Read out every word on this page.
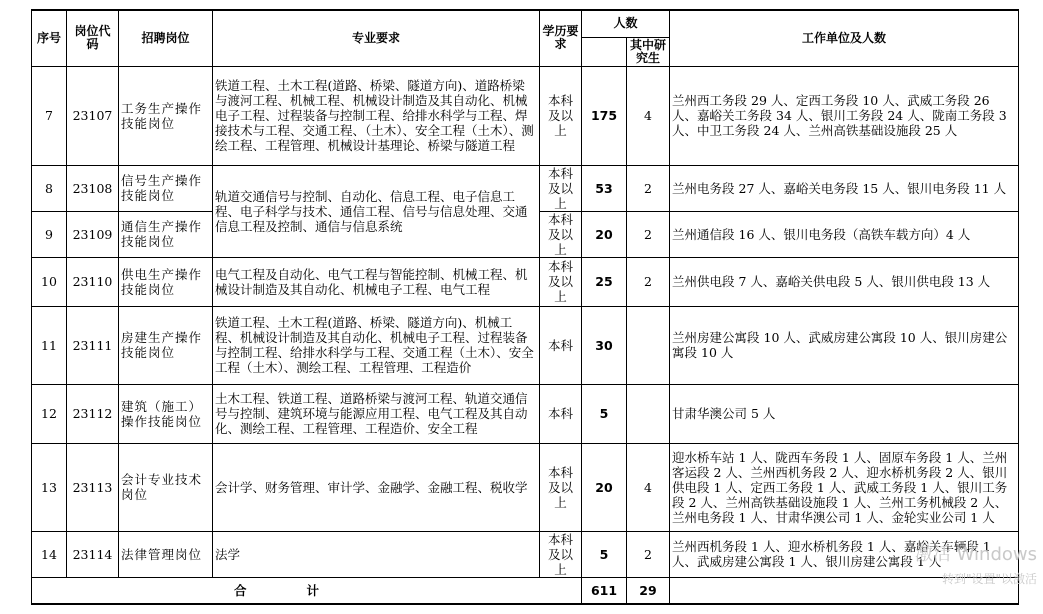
序号	岗位代码	招聘岗位	专业要求	学历要求	人数		工作单位及人数
						其中研究生	
7	23107	工务生产操作技能岗位	铁道工程、土木工程(道路、桥梁、隧道方向)、道路桥梁与渡河工程、机械工程、机械设计制造及其自动化、机械电子工程、过程装备与控制工程、给排水科学与工程、焊接技术与工程、交通工程、（土木）、安全工程（土木）、测绘工程、工程管理、机械设计基理论、桥梁与隧道工程	本科及以上	175	4	兰州西工务段 29 人、定西工务段 10 人、武威工务段 26 人、嘉峪关工务段 34 人、银川工务段 24 人、陇南工务段 3 人、中卫工务段 24 人、兰州高铁基础设施段 25 人
8	23108	信号生产操作技能岗位	轨道交通信号与控制、自动化、信息工程、电子信息工程、电子科学与技术、通信工程、信号与信息处理、交通信息工程及控制、通信与信息系统	本科及以上	53	2	兰州电务段 27 人、嘉峪关电务段 15 人、银川电务段 11 人
9	23109	通信生产操作技能岗位		本科及以上	20	2	兰州通信段 16 人、银川电务段（高铁车载方向）4 人
10	23110	供电生产操作技能岗位	电气工程及自动化、电气工程与智能控制、机械工程、机械设计制造及其自动化、机械电子工程、电气工程	本科及以上	25	2	兰州供电段 7 人、嘉峪关供电段 5 人、银川供电段 13 人
11	23111	房建生产操作技能岗位	铁道工程、土木工程(道路、桥梁、隧道方向)、机械工程、机械设计制造及其自动化、机械电子工程、过程装备与控制工程、给排水科学与工程、交通工程（土木）、安全工程（土木）、测绘工程、工程管理、工程造价	本科	30		兰州房建公寓段 10 人、武威房建公寓段 10 人、银川房建公寓段 10 人
12	23112	建筑（施工）操作技能岗位	土木工程、铁道工程、道路桥梁与渡河工程、轨道交通信号与控制、建筑环境与能源应用工程、电气工程及其自动化、测绘工程、工程管理、工程造价、安全工程	本科	5		甘肃华澳公司 5 人
13	23113	会计专业技术岗位	会计学、财务管理、审计学、金融学、金融工程、税收学	本科及以上	20	4	迎水桥车站 1 人、陇西车务段 1 人、固原车务段 1 人、兰州客运段 2 人、兰州西机务段 2 人、迎水桥机务段 2 人、银川供电段 1 人、定西工务段 1 人、武威工务段 1 人、银川工务段 2 人、兰州高铁基础设施段 1 人、兰州工务机械段 2 人、兰州电务段 1 人、甘肃华澳公司 1 人、金轮实业公司 1 人
14	23114	法律管理岗位	法学	本科及以上	5	2	兰州西机务段 1 人、迎水桥机务段 1 人、嘉峪关车辆段 1 人、武威房建公寓段 1 人、银川房建公寓段 1 人
合计					611	29	
激活 Windows
转到"设置"以激活
